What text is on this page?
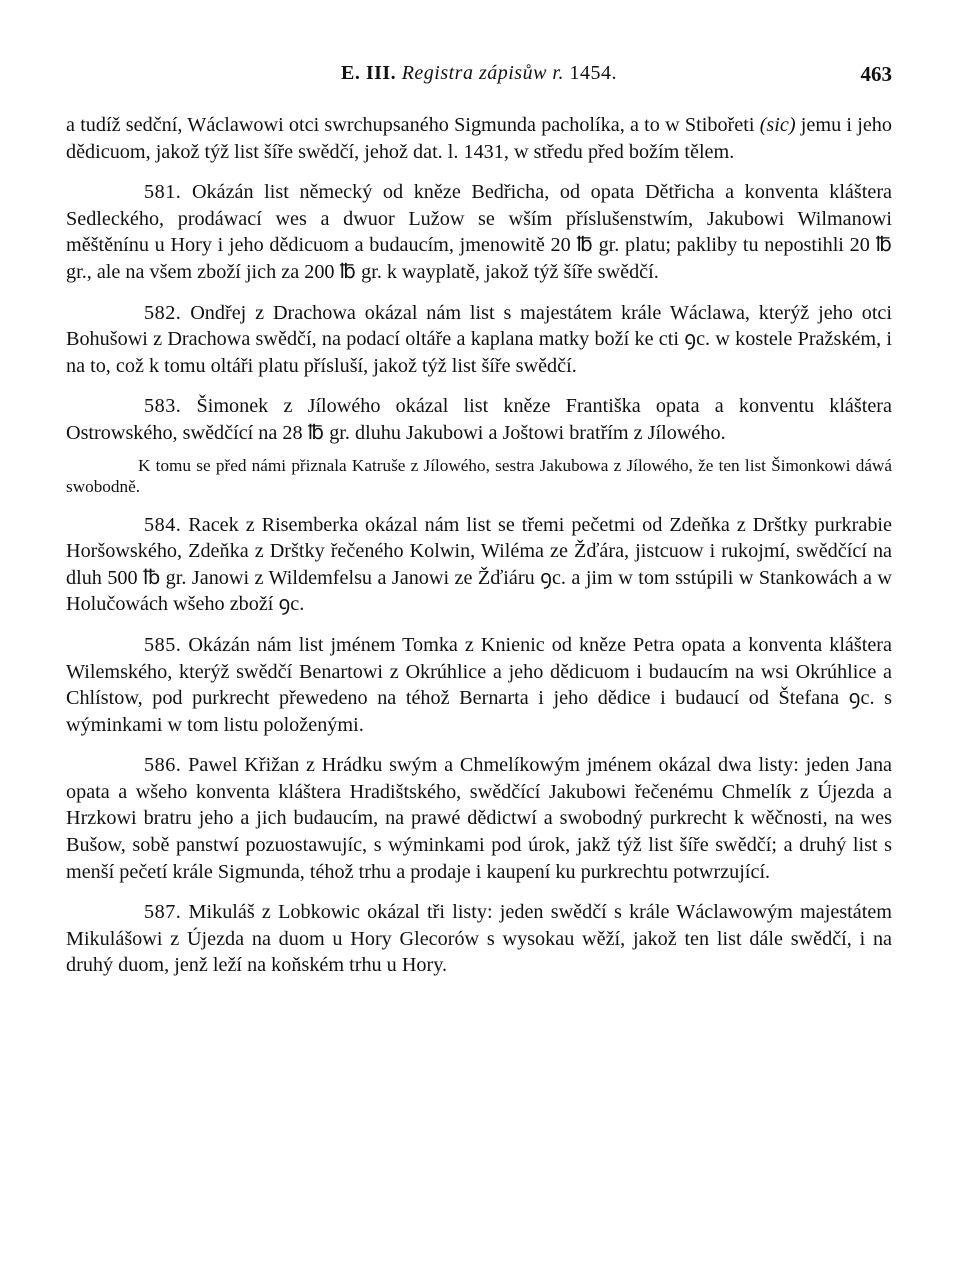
E. III. Registra zápisůw r. 1454.	463

a tudíž sedční, Wáclawowi otci swrchupsaného Sigmunda pacholíka, a to w Stibořeti (sic) jemu i jeho dědicuom, jakož týž list šíře swědčí, jehož dat. l. 1431, w středu před božím tělem.

581. Okázán list německý od kněze Bedřicha, od opata Dětřicha a konventa kláštera Sedleckého, prodáwací wes a dwuor Lužow se wším příslušenstwím, Jakubowi Wilmanowi měštěnínu u Hory i jeho dědicuom a budaucím, jmenowitě 20 ℔ gr. platu; pakliby tu nepostihli 20 ℔ gr., ale na všem zboží jich za 200 ℔ gr. k wayplatě, jakož týž šíře swědčí.

582. Ondřej z Drachowa okázal nám list s majestátem krále Wáclawa, kterýž jeho otci Bohušowi z Drachowa swědčí, na podací oltáře a kaplana matky boží ke cti ꝯc. w kostele Pražském, i na to, což k tomu oltáři platu přísluší, jakož týž list šíře swědčí.

583. Šimonek z Jílowého okázal list kněze Františka opata a konventu kláštera Ostrowského, swědčící na 28 ℔ gr. dluhu Jakubowi a Joštowi bratřím z Jílowého.

K tomu se před námi přiznala Katruše z Jílowého, sestra Jakubowa z Jílowého, že ten list Šimonkowi dáwá swobodně.

584. Racek z Risemberka okázal nám list se třemi pečetmi od Zdeňka z Drštky purkrabie Horšowského, Zdeňka z Drštky řečeného Kolwin, Wiléma ze Žďára, jistcuow i rukojmí, swědčící na dluh 500 ℔ gr. Janowi z Wildemfelsu a Janowi ze Žďiáru ꝯc. a jim w tom sstúpili w Stankowách a w Holučowách wšeho zboží ꝯc.

585. Okázán nám list jménem Tomka z Knienic od kněze Petra opata a konventa kláštera Wilemského, kterýž swědčí Benartowi z Okrúhlice a jeho dědicuom i budaucím na wsi Okrúhlice a Chlístow, pod purkrecht přewedeno na téhož Bernarta i jeho dědice i budaucí od Štefana ꝯc. s wýminkami w tom listu položenými.

586. Pawel Křižan z Hrádku swým a Chmelíkowým jménem okázal dwa listy: jeden Jana opata a wšeho konventa kláštera Hradištského, swědčící Jakubowi řečenému Chmelík z Újezda a Hrzkowi bratru jeho a jich budaucím, na prawé dědictwí a swobodný purkrecht k wěčnosti, na wes Bušow, sobě panstwí pozuostawujíc, s wýminkami pod úrok, jakž týž list šíře swědčí; a druhý list s menší pečetí krále Sigmunda, téhož trhu a prodaje i kaupení ku purkrechtu potwrzující.

587. Mikuláš z Lobkowic okázal tři listy: jeden swědčí s krále Wáclawowým majestátem Mikulášowi z Újezda na duom u Hory Glecorów s wysokau wěží, jakož ten list dále swědčí, i na druhý duom, jenž leží na koňském trhu u Hory.
